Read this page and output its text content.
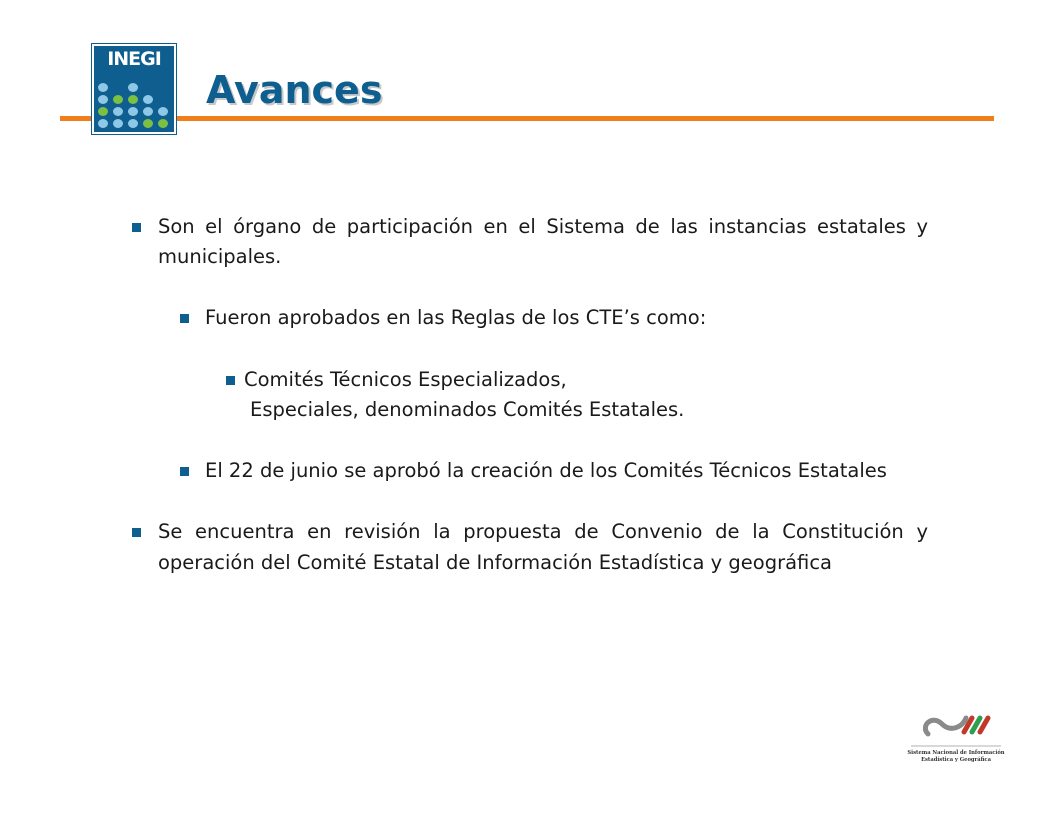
INEGI
Avances
Son el órgano de participación en el Sistema de las instancias estatales y municipales.
Fueron aprobados en las Reglas de los CTE’s como:
Comités Técnicos Especializados,
Especiales, denominados Comités Estatales.
El 22 de junio se aprobó la creación de los Comités Técnicos Estatales
Se encuentra en revisión la propuesta de Convenio de la Constitución y operación del Comité Estatal de Información Estadística y geográfica
Sistema Nacional de Información
Estadística y Geográfica
